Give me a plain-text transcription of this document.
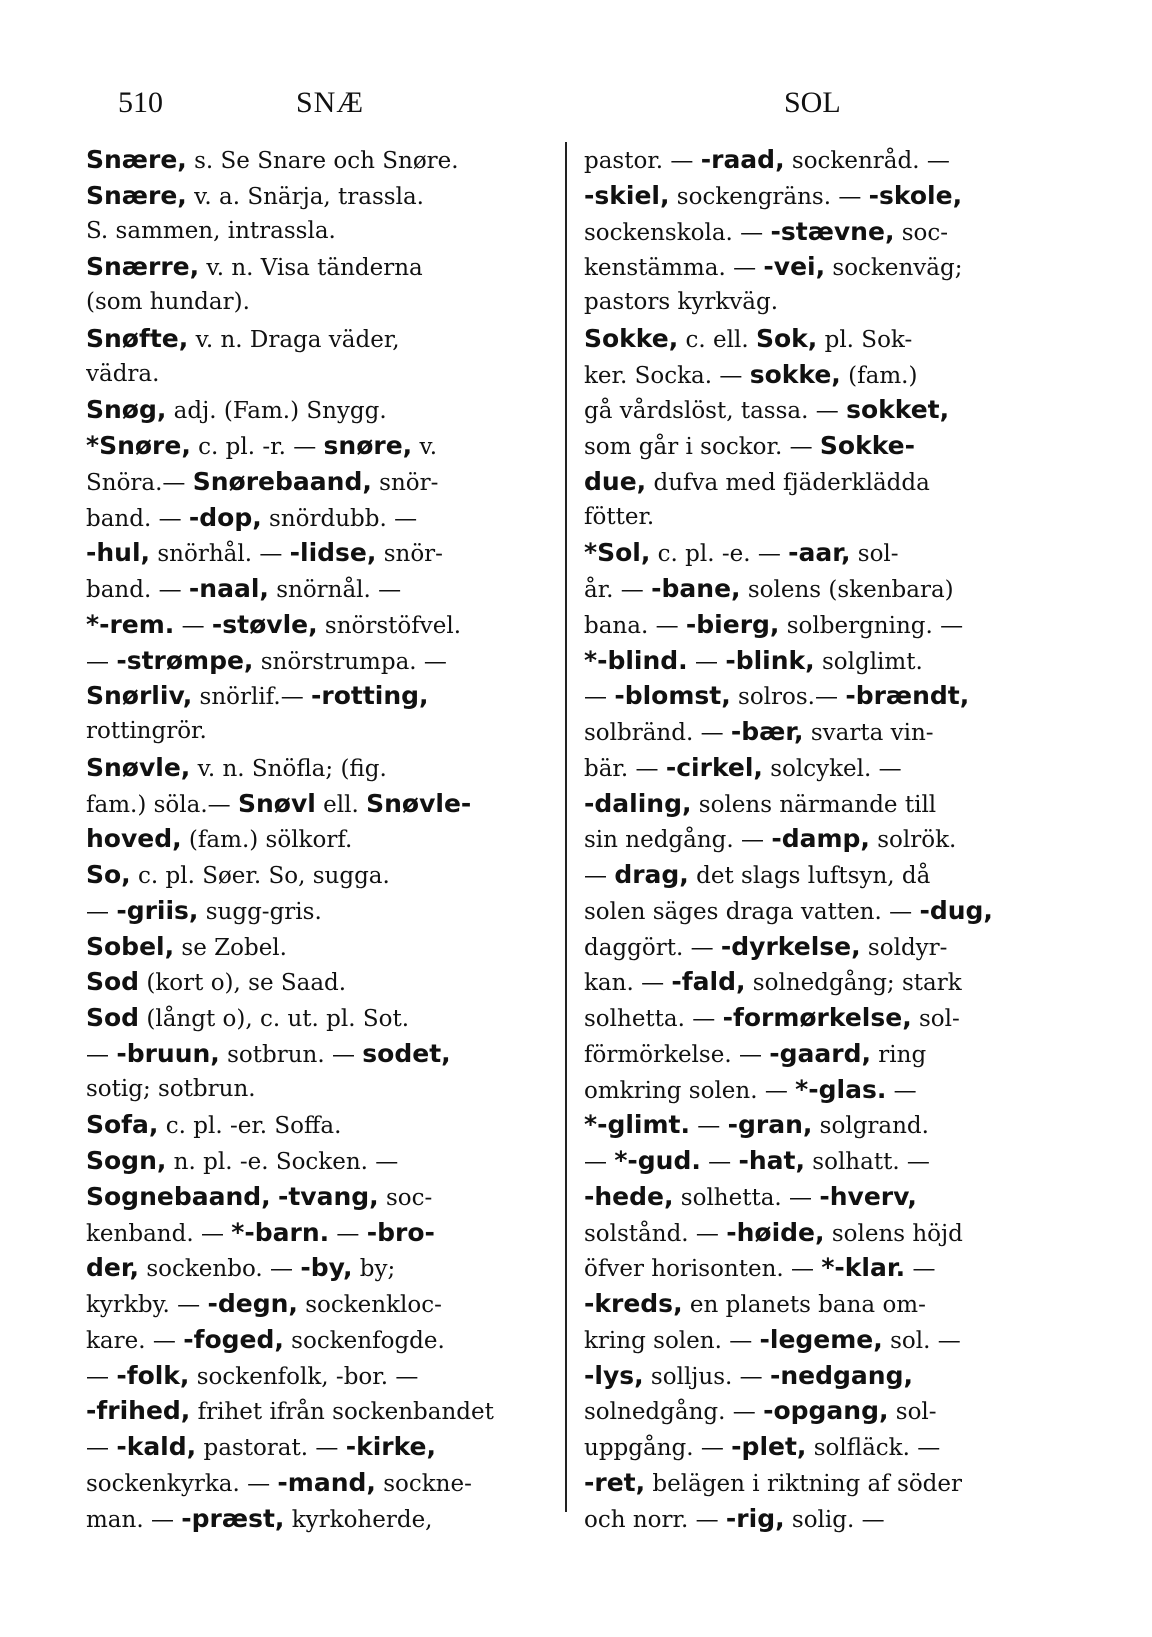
510	SNÆ	SOL
Snære, s. Se Snare och Snøre.
Snære, v. a. Snärja, trassla.
S. sammen, intrassla.
Snærre, v. n. Visa tänderna
(som hundar).
Snøfte, v. n. Draga väder,
vädra.
Snøg, adj. (Fam.) Snygg.
*Snøre, c. pl. -r. — snøre, v.
Snöra.— Snørebaand, snör-
band. — -dop, snördubb. —
-hul, snörhål. — -lidse, snör-
band. — -naal, snörnål. —
*-rem. — -støvle, snörstöfvel.
— -strømpe, snörstrumpa. —
Snørliv, snörlif.— -rotting,
rottingrör.
Snøvle, v. n. Snöfla; (fig.
fam.) söla.— Snøvl ell. Snøvle-
hoved, (fam.) sölkorf.
So, c. pl. Søer. So, sugga.
— -griis, sugg-gris.
Sobel, se Zobel.
Sod (kort o), se Saad.
Sod (långt o), c. ut. pl. Sot.
— -bruun, sotbrun. — sodet,
sotig; sotbrun.
Sofa, c. pl. -er. Soffa.
Sogn, n. pl. -e. Socken. —
Sognebaand, -tvang, soc-
kenband. — *-barn. — -bro-
der, sockenbo. — -by, by;
kyrkby. — -degn, sockenkloc-
kare. — -foged, sockenfogde.
— -folk, sockenfolk, -bor. —
-frihed, frihet ifrån sockenbandet
— -kald, pastorat. — -kirke,
sockenkyrka. — -mand, sockne-
man. — -præst, kyrkoherde,
pastor. — -raad, sockenråd. —
-skiel, sockengräns. — -skole,
sockenskola. — -stævne, soc-
kenstämma. — -vei, sockenväg;
pastors kyrkväg.
Sokke, c. ell. Sok, pl. Sok-
ker. Socka. — sokke, (fam.)
gå vårdslöst, tassa. — sokket,
som går i sockor. — Sokke-
due, dufva med fjäderklädda
fötter.
*Sol, c. pl. -e. — -aar, sol-
år. — -bane, solens (skenbara)
bana. — -bierg, solbergning. —
*-blind. — -blink, solglimt.
— -blomst, solros.— -brændt,
solbränd. — -bær, svarta vin-
bär. — -cirkel, solcykel. —
-daling, solens närmande till
sin nedgång. — -damp, solrök.
— drag, det slags luftsyn, då
solen säges draga vatten. — -dug,
daggört. — -dyrkelse, soldyr-
kan. — -fald, solnedgång; stark
solhetta. — -formørkelse, sol-
förmörkelse. — -gaard, ring
omkring solen. — *-glas. —
*-glimt. — -gran, solgrand.
— *-gud. — -hat, solhatt. —
-hede, solhetta. — -hverv,
solstånd. — -høide, solens höjd
öfver horisonten. — *-klar. —
-kreds, en planets bana om-
kring solen. — -legeme, sol. —
-lys, solljus. — -nedgang,
solnedgång. — -opgang, sol-
uppgång. — -plet, solfläck. —
-ret, belägen i riktning af söder
och norr. — -rig, solig. —
